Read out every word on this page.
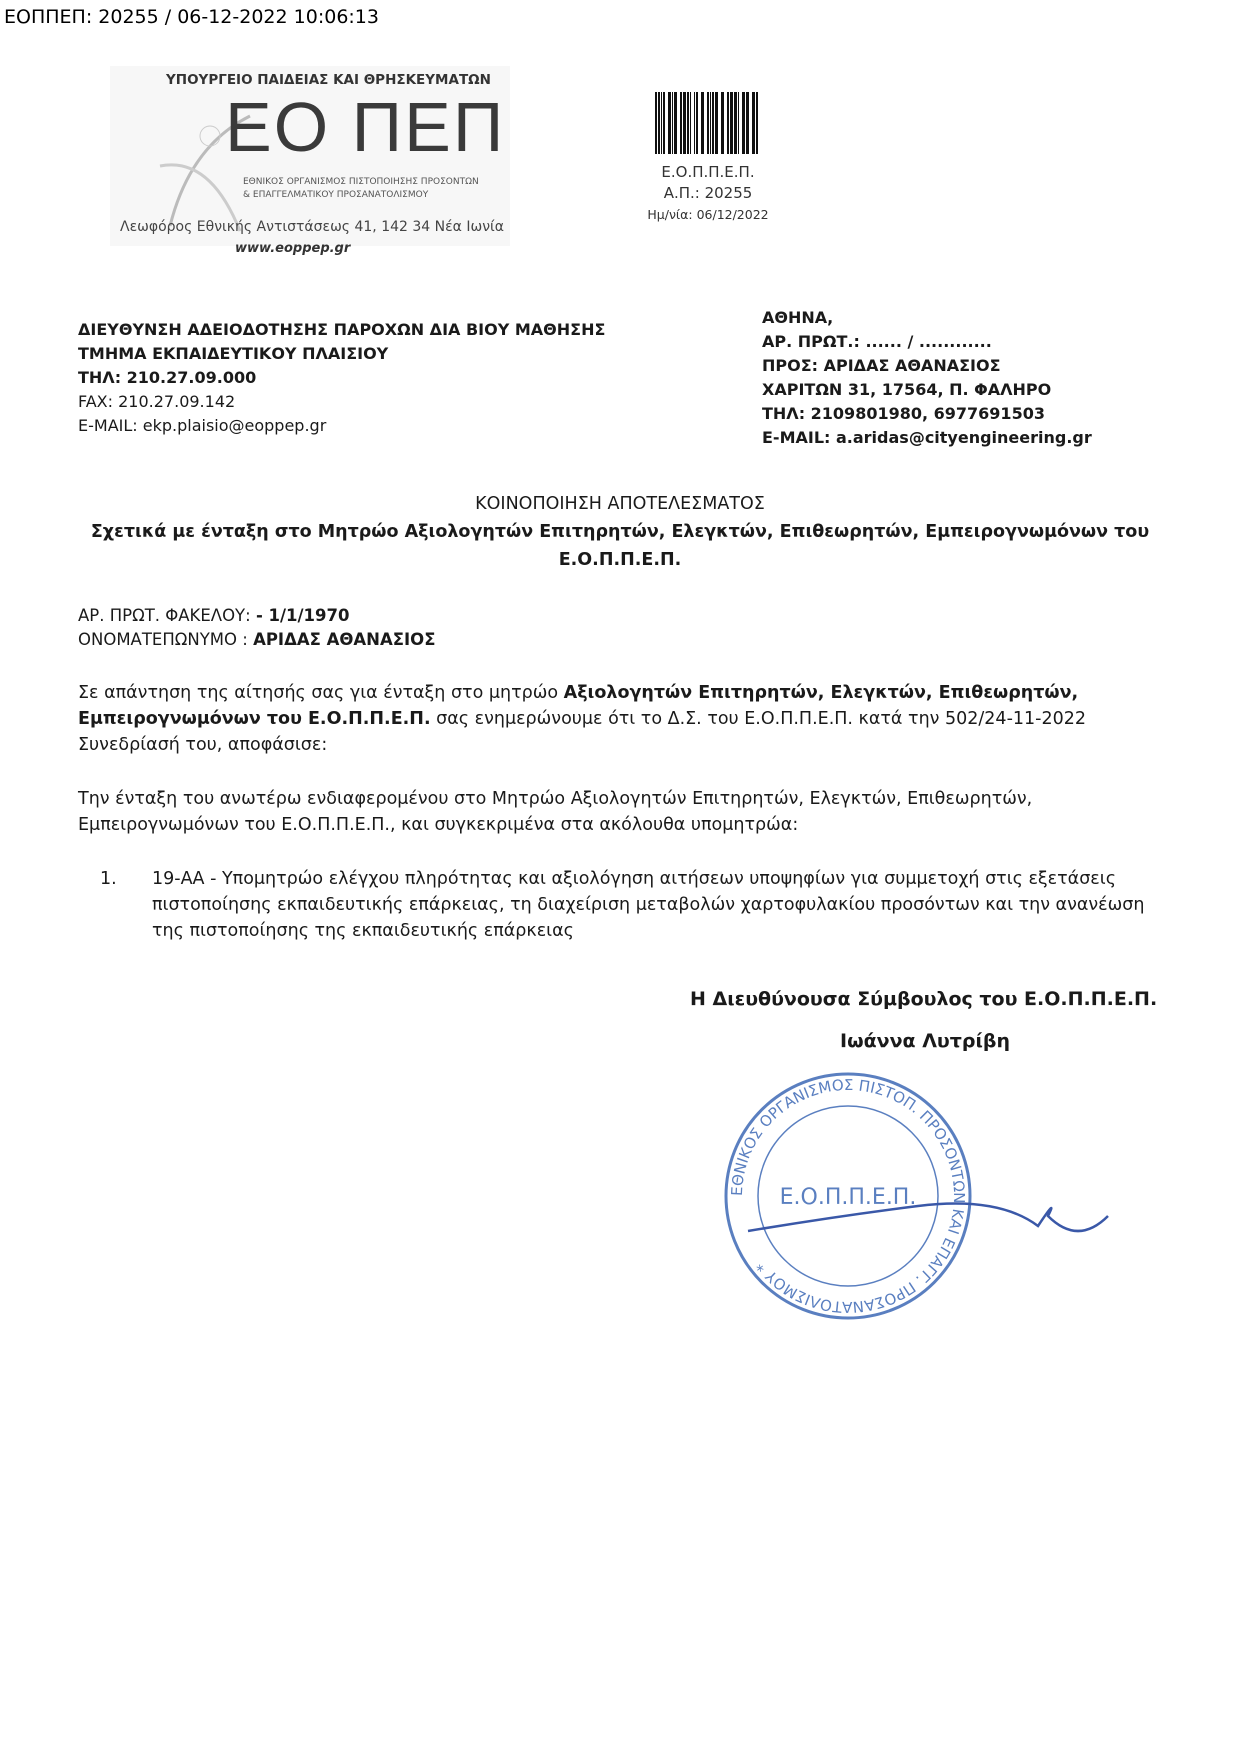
ΕΟΠΠΕΠ: 20255 / 06-12-2022 10:06:13
ΥΠΟΥΡΓΕΙΟ ΠΑΙΔΕΙΑΣ ΚΑΙ ΘΡΗΣΚΕΥΜΑΤΩΝ
ΕΟ ΠΕΠ
ΕΘΝΙΚΟΣ ΟΡΓΑΝΙΣΜΟΣ ΠΙΣΤΟΠΟΙΗΣΗΣ ΠΡΟΣΟΝΤΩΝ
& ΕΠΑΓΓΕΛΜΑΤΙΚΟΥ ΠΡΟΣΑΝΑΤΟΛΙΣΜΟΥ
Λεωφόρος Εθνικής Αντιστάσεως 41, 142 34 Νέα Ιωνία
www.eoppep.gr
Ε.Ο.Π.Π.Ε.Π.
Α.Π.: 20255
Ημ/νία: 06/12/2022
ΔΙΕΥΘΥΝΣΗ ΑΔΕΙΟΔΟΤΗΣΗΣ ΠΑΡΟΧΩΝ ΔΙΑ ΒΙΟΥ ΜΑΘΗΣΗΣ
ΤΜΗΜΑ ΕΚΠΑΙΔΕΥΤΙΚΟΥ ΠΛΑΙΣΙΟΥ
ΤΗΛ: 210.27.09.000
FAX: 210.27.09.142
E-MAIL: ekp.plaisio@eoppep.gr
ΑΘΗΝΑ,
ΑΡ. ΠΡΩΤ.: ...... / ............
ΠΡΟΣ: ΑΡΙΔΑΣ ΑΘΑΝΑΣΙΟΣ
ΧΑΡΙΤΩΝ 31, 17564, Π. ΦΑΛΗΡΟ
ΤΗΛ: 2109801980, 6977691503
E-MAIL: a.aridas@cityengineering.gr
ΚΟΙΝΟΠΟΙΗΣΗ ΑΠΟΤΕΛΕΣΜΑΤΟΣ
Σχετικά με ένταξη στο Μητρώο Αξιολογητών Επιτηρητών, Ελεγκτών, Επιθεωρητών, Εμπειρογνωμόνων του
Ε.Ο.Π.Π.Ε.Π.
ΑΡ. ΠΡΩΤ. ΦΑΚΕΛΟΥ: - 1/1/1970
ΟΝΟΜΑΤΕΠΩΝΥΜΟ : ΑΡΙΔΑΣ ΑΘΑΝΑΣΙΟΣ
Σε απάντηση της αίτησής σας για ένταξη στο μητρώο Αξιολογητών Επιτηρητών, Ελεγκτών, Επιθεωρητών, Εμπειρογνωμόνων του Ε.Ο.Π.Π.Ε.Π. σας ενημερώνουμε ότι το Δ.Σ. του Ε.Ο.Π.Π.Ε.Π. κατά την 502/24-11-2022 Συνεδρίασή του, αποφάσισε:
Την ένταξη του ανωτέρω ενδιαφερομένου στο Μητρώο Αξιολογητών Επιτηρητών, Ελεγκτών, Επιθεωρητών, Εμπειρογνωμόνων του Ε.Ο.Π.Π.Ε.Π., και συγκεκριμένα στα ακόλουθα υπομητρώα:
1.	19-ΑΑ - Υπομητρώο ελέγχου πληρότητας και αξιολόγηση αιτήσεων υποψηφίων για συμμετοχή στις εξετάσεις πιστοποίησης εκπαιδευτικής επάρκειας, τη διαχείριση μεταβολών χαρτοφυλακίου προσόντων και την ανανέωση της πιστοποίησης της εκπαιδευτικής επάρκειας
Η Διευθύνουσα Σύμβουλος του Ε.Ο.Π.Π.Ε.Π.
Ιωάννα Λυτρίβη
ΕΘΝΙΚΟΣ ΟΡΓΑΝΙΣΜΟΣ ΠΙΣΤΟΠ. ΠΡΟΣΟΝΤΩΝ ΚΑΙ ΕΠΑΓΓ. ΠΡΟΣΑΝΑΤΟΛΙΣΜΟΥ *
Ε.Ο.Π.Π.Ε.Π.
